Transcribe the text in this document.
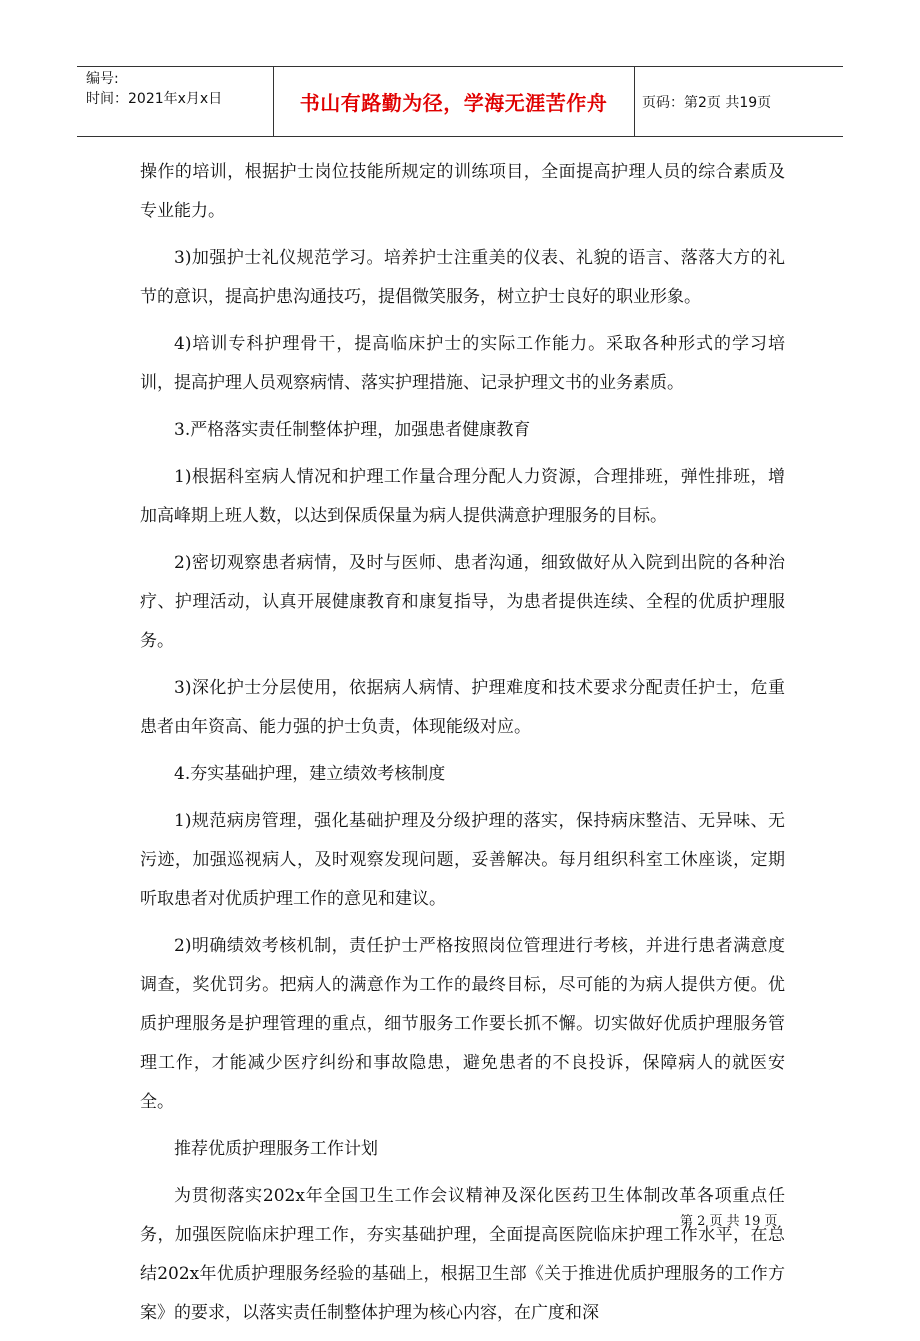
编号:
时间：2021年x月x日	书山有路勤为径，学海无涯苦作舟	页码：第2页 共19页

操作的培训，根据护士岗位技能所规定的训练项目，全面提高护理人员的综合素质及专业能力。

3)加强护士礼仪规范学习。培养护士注重美的仪表、礼貌的语言、落落大方的礼节的意识，提高护患沟通技巧，提倡微笑服务，树立护士良好的职业形象。

4)培训专科护理骨干，提高临床护士的实际工作能力。采取各种形式的学习培训，提高护理人员观察病情、落实护理措施、记录护理文书的业务素质。

3.严格落实责任制整体护理，加强患者健康教育

1)根据科室病人情况和护理工作量合理分配人力资源，合理排班，弹性排班，增加高峰期上班人数，以达到保质保量为病人提供满意护理服务的目标。

2)密切观察患者病情，及时与医师、患者沟通，细致做好从入院到出院的各种治疗、护理活动，认真开展健康教育和康复指导，为患者提供连续、全程的优质护理服务。

3)深化护士分层使用，依据病人病情、护理难度和技术要求分配责任护士，危重患者由年资高、能力强的护士负责，体现能级对应。

4.夯实基础护理，建立绩效考核制度

1)规范病房管理，强化基础护理及分级护理的落实，保持病床整洁、无异味、无污迹，加强巡视病人，及时观察发现问题，妥善解决。每月组织科室工休座谈，定期听取患者对优质护理工作的意见和建议。

2)明确绩效考核机制，责任护士严格按照岗位管理进行考核，并进行患者满意度调查，奖优罚劣。把病人的满意作为工作的最终目标，尽可能的为病人提供方便。优质护理服务是护理管理的重点，细节服务工作要长抓不懈。切实做好优质护理服务管理工作，才能减少医疗纠纷和事故隐患，避免患者的不良投诉，保障病人的就医安全。

推荐优质护理服务工作计划

为贯彻落实202x年全国卫生工作会议精神及深化医药卫生体制改革各项重点任务，加强医院临床护理工作，夯实基础护理，全面提高医院临床护理工作水平，在总结202x年优质护理服务经验的基础上，根据卫生部《关于推进优质护理服务的工作方案》的要求，以落实责任制整体护理为核心内容，在广度和深

第 2 页 共 19 页
